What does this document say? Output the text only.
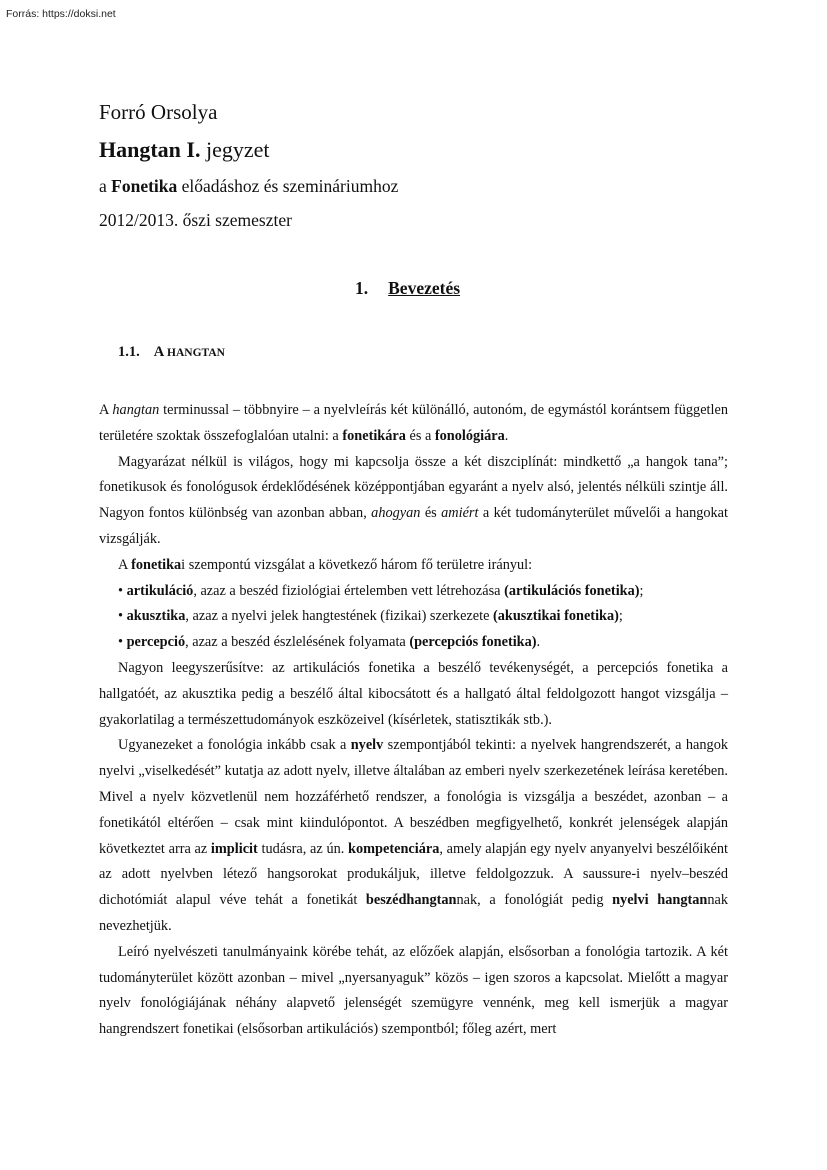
Forrás: https://doksi.net
Forró Orsolya
Hangtan I. jegyzet
a Fonetika előadáshoz és szemináriumhoz
2012/2013. őszi szemeszter
1. Bevezetés
1.1. A HANGTAN

A hangtan terminussal – többnyire – a nyelvleírás két különálló, autonóm, de egymástól korántsem független területére szoktak összefoglalóan utalni: a fonetikára és a fonológiára.

Magyarázat nélkül is világos, hogy mi kapcsolja össze a két diszciplínát: mindkettő „a hangok tana”; fonetikusok és fonológusok érdeklődésének középpontjában egyaránt a nyelv alsó, jelentés nélküli szintje áll. Nagyon fontos különbség van azonban abban, ahogyan és amiért a két tudományterület művelői a hangokat vizsgálják.

A fonetikai szempontú vizsgálat a következő három fő területre irányul:

• artikuláció, azaz a beszéd fiziológiai értelemben vett létrehozása (artikulációs fonetika);

• akusztika, azaz a nyelvi jelek hangtestének (fizikai) szerkezete (akusztikai fonetika);

• percepció, azaz a beszéd észlelésének folyamata (percepciós fonetika).

Nagyon leegyszerűsítve: az artikulációs fonetika a beszélő tevékenységét, a percepciós fonetika a hallgatóét, az akusztika pedig a beszélő által kibocsátott és a hallgató által feldolgozott hangot vizsgálja – gyakorlatilag a természettudományok eszközeivel (kísérletek, statisztikák stb.).

Ugyanezeket a fonológia inkább csak a nyelv szempontjából tekinti: a nyelvek hangrendszerét, a hangok nyelvi „viselkedését” kutatja az adott nyelv, illetve általában az emberi nyelv szerkezetének leírása keretében. Mivel a nyelv közvetlenül nem hozzáférhető rendszer, a fonológia is vizsgálja a beszédet, azonban – a fonetikától eltérően – csak mint kiindulópontot. A beszédben megfigyelhető, konkrét jelenségek alapján következtet arra az implicit tudásra, az ún. kompetenciára, amely alapján egy nyelv anyanyelvi beszélőiként az adott nyelvben létező hangsorokat produkáljuk, illetve feldolgozzuk. A saussure-i nyelv–beszéd dichotómiát alapul véve tehát a fonetikát beszédhangtannak, a fonológiát pedig nyelvi hangtannak nevezhetjük.

Leíró nyelvészeti tanulmányaink körébe tehát, az előzőek alapján, elsősorban a fonológia tartozik. A két tudományterület között azonban – mivel „nyersanyaguk” közös – igen szoros a kapcsolat. Mielőtt a magyar nyelv fonológiájának néhány alapvető jelenségét szemügyre vennénk, meg kell ismerjük a magyar hangrendszert fonetikai (elsősorban artikulációs) szempontból; főleg azért, mert
